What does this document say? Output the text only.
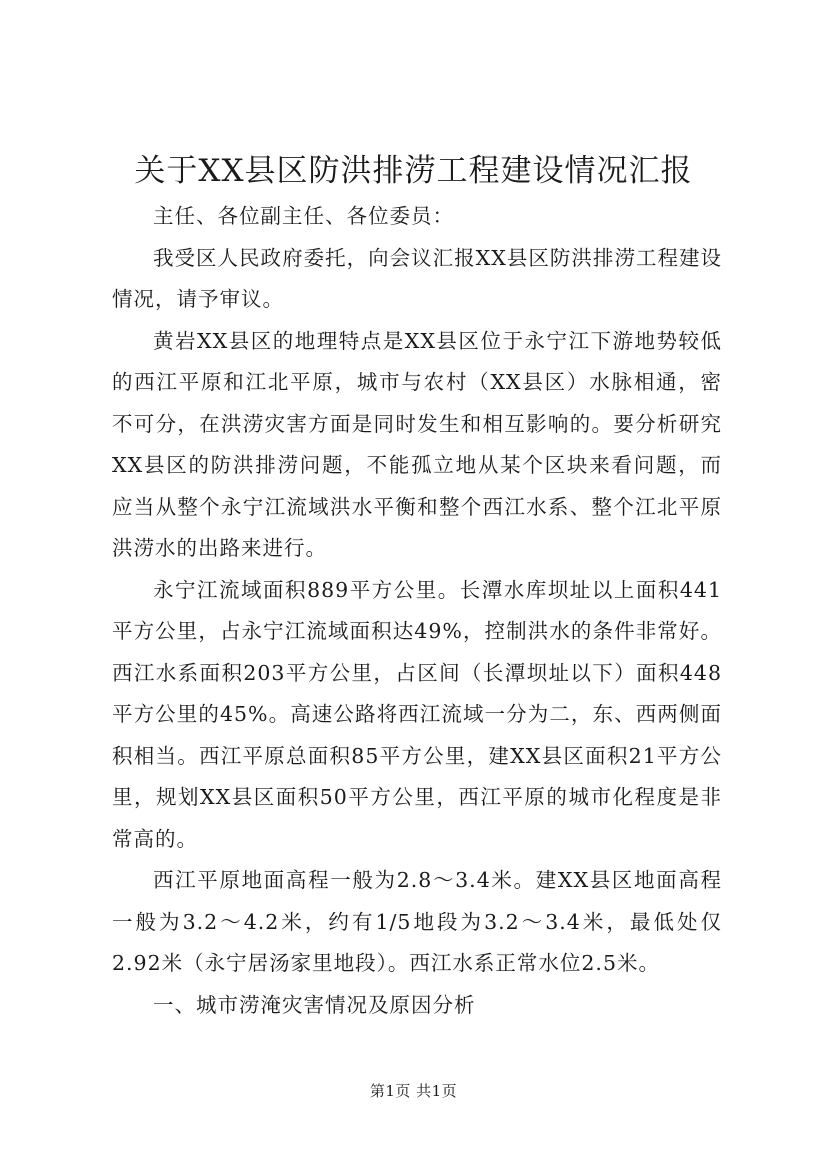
关于XX县区防洪排涝工程建设情况汇报

主任、各位副主任、各位委员：

我受区人民政府委托，向会议汇报XX县区防洪排涝工程建设情况，请予审议。

黄岩XX县区的地理特点是XX县区位于永宁江下游地势较低的西江平原和江北平原，城市与农村（XX县区）水脉相通，密不可分，在洪涝灾害方面是同时发生和相互影响的。要分析研究XX县区的防洪排涝问题，不能孤立地从某个区块来看问题，而应当从整个永宁江流域洪水平衡和整个西江水系、整个江北平原洪涝水的出路来进行。

永宁江流域面积889平方公里。长潭水库坝址以上面积441平方公里，占永宁江流域面积达49%，控制洪水的条件非常好。西江水系面积203平方公里，占区间（长潭坝址以下）面积448平方公里的45%。高速公路将西江流域一分为二，东、西两侧面积相当。西江平原总面积85平方公里，建XX县区面积21平方公里，规划XX县区面积50平方公里，西江平原的城市化程度是非常高的。

西江平原地面高程一般为2.8～3.4米。建XX县区地面高程一般为3.2～4.2米，约有1/5地段为3.2～3.4米，最低处仅2.92米（永宁居汤家里地段）。西江水系正常水位2.5米。

一、城市涝淹灾害情况及原因分析

第1页 共1页
